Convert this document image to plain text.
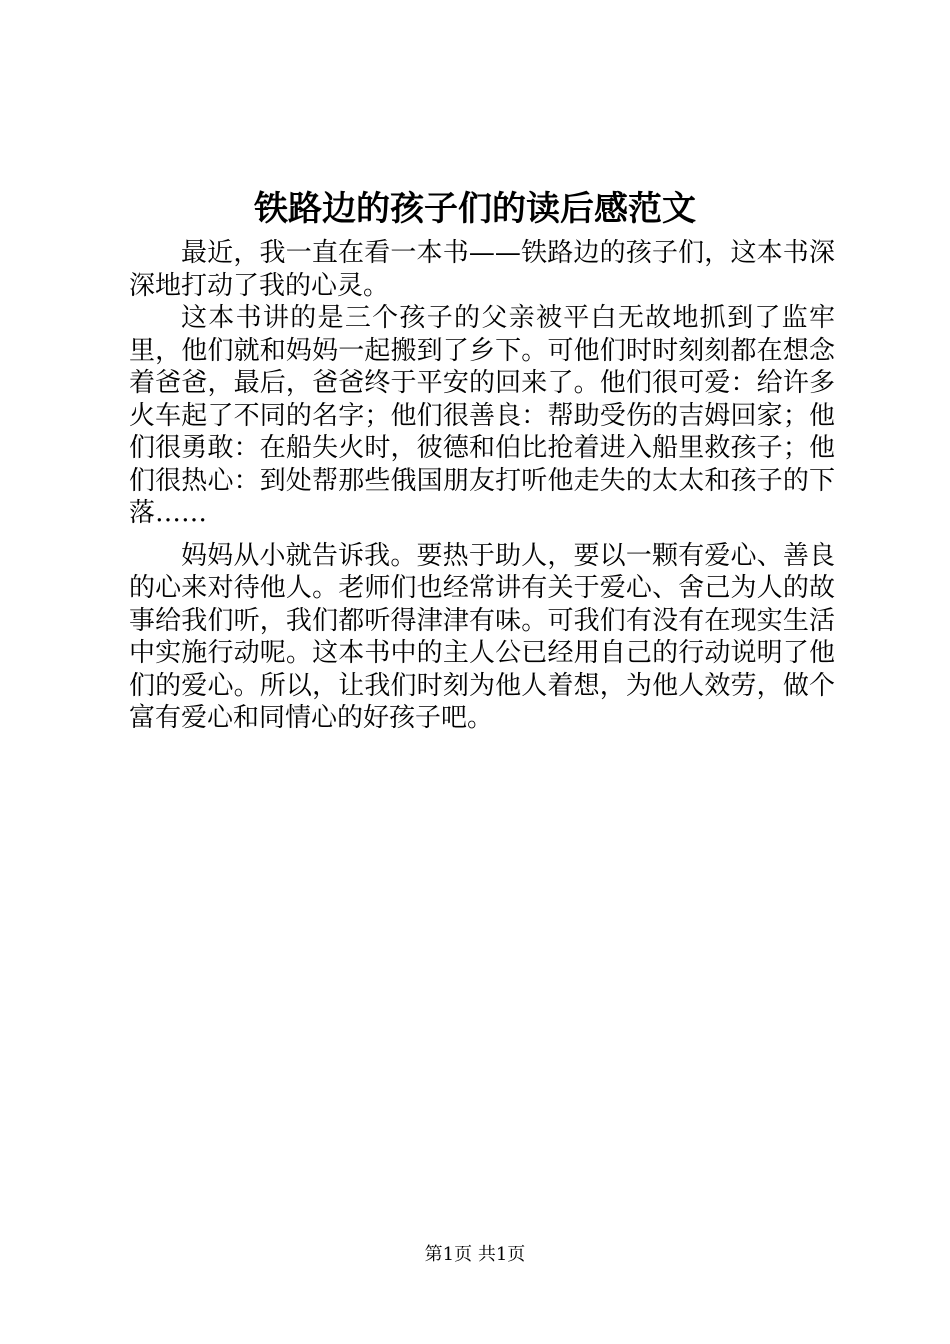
铁路边的孩子们的读后感范文

最近，我一直在看一本书——铁路边的孩子们，这本书深深地打动了我的心灵。

这本书讲的是三个孩子的父亲被平白无故地抓到了监牢里，他们就和妈妈一起搬到了乡下。可他们时时刻刻都在想念着爸爸，最后，爸爸终于平安的回来了。他们很可爱：给许多火车起了不同的名字；他们很善良：帮助受伤的吉姆回家；他们很勇敢：在船失火时，彼德和伯比抢着进入船里救孩子；他们很热心：到处帮那些俄国朋友打听他走失的太太和孩子的下落……

妈妈从小就告诉我。要热于助人，要以一颗有爱心、善良的心来对待他人。老师们也经常讲有关于爱心、舍己为人的故事给我们听，我们都听得津津有味。可我们有没有在现实生活中实施行动呢。这本书中的主人公已经用自己的行动说明了他们的爱心。所以，让我们时刻为他人着想，为他人效劳，做个富有爱心和同情心的好孩子吧。

第1页 共1页
